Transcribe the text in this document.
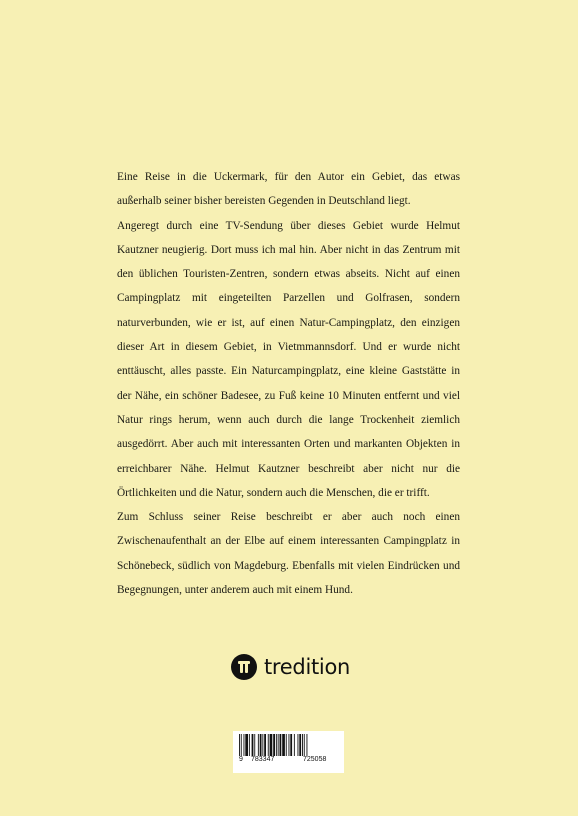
Eine Reise in die Uckermark, für den Autor ein Gebiet, das etwas außerhalb seiner bisher bereisten Gegenden in Deutschland liegt.

Angeregt durch eine TV-Sendung über dieses Gebiet wurde Helmut Kautzner neugierig. Dort muss ich mal hin. Aber nicht in das Zentrum mit den üblichen Touristen-Zentren, sondern etwas abseits. Nicht auf einen Campingplatz mit eingeteilten Parzellen und Golfrasen, sondern naturverbunden, wie er ist, auf einen Natur-Campingplatz, den einzigen dieser Art in diesem Gebiet, in Vietmmannsdorf. Und er wurde nicht enttäuscht, alles passte. Ein Naturcampingplatz, eine kleine Gaststätte in der Nähe, ein schöner Badesee, zu Fuß keine 10 Minuten entfernt und viel Natur rings herum, wenn auch durch die lange Trockenheit ziemlich ausgedörrt. Aber auch mit interessanten Orten und markanten Objekten in erreichbarer Nähe. Helmut Kautzner beschreibt aber nicht nur die Örtlichkeiten und die Natur, sondern auch die Menschen, die er trifft.

Zum Schluss seiner Reise beschreibt er aber auch noch einen Zwischenaufenthalt an der Elbe auf einem interessanten Campingplatz in Schönebeck, südlich von Magdeburg. Ebenfalls mit vielen Eindrücken und Begegnungen, unter anderem auch mit einem Hund.

tredition
9 783347	725058
